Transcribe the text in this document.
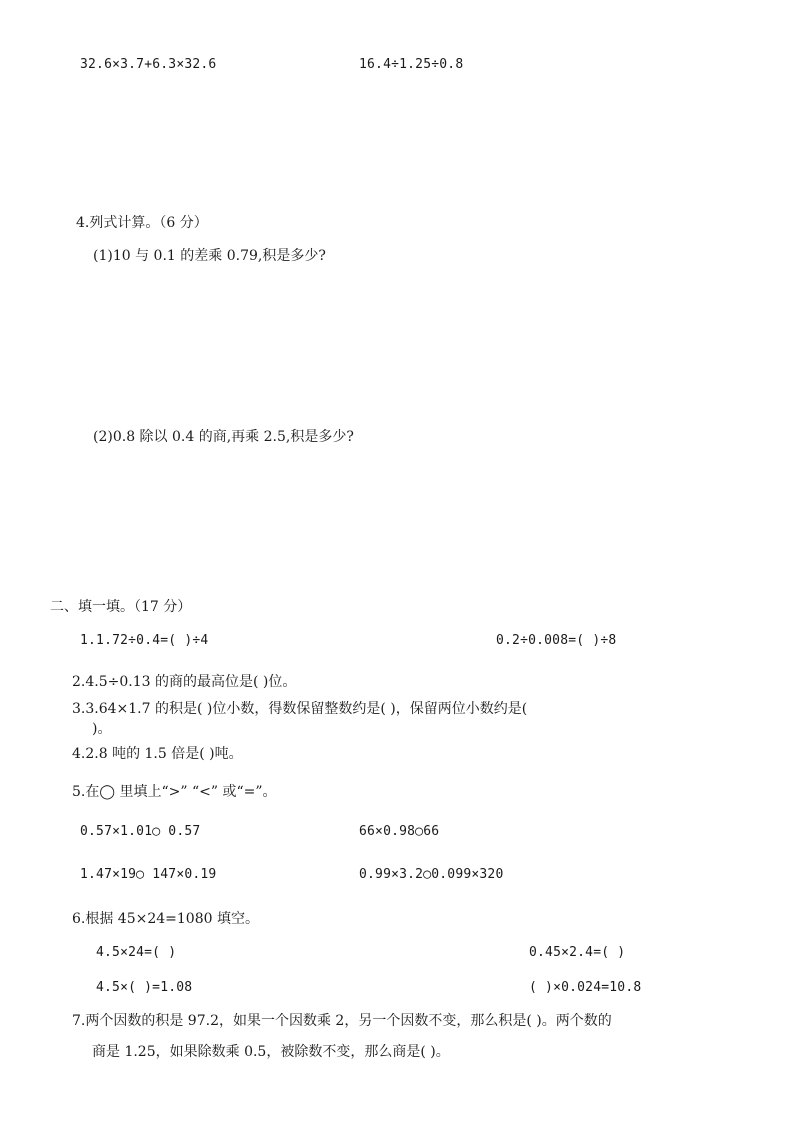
32.6×3.7+6.3×32.6	16.4÷1.25÷0.8
4.列式计算。（6 分）
(1)10 与 0.1 的差乘 0.79,积是多少?
(2)0.8 除以 0.4 的商,再乘 2.5,积是多少?
二、填一填。（17 分）
1.1.72÷0.4=( )÷4	0.2÷0.008=( )÷8
2.4.5÷0.13 的商的最高位是( )位。
3.3.64×1.7 的积是( )位小数，得数保留整数约是( )，保留两位小数约是(
)。
4.2.8 吨的 1.5 倍是( )吨。
5.在◯ 里填上“>” “<” 或“=”。
0.57×1.01◯ 0.57	66×0.98◯66
1.47×19◯ 147×0.19	0.99×3.2◯0.099×320
6.根据 45×24=1080 填空。
4.5×24=( )	0.45×2.4=( )
4.5×( )=1.08	( )×0.024=10.8
7.两个因数的积是 97.2，如果一个因数乘 2，另一个因数不变，那么积是( )。两个数的
商是 1.25，如果除数乘 0.5，被除数不变，那么商是( )。
